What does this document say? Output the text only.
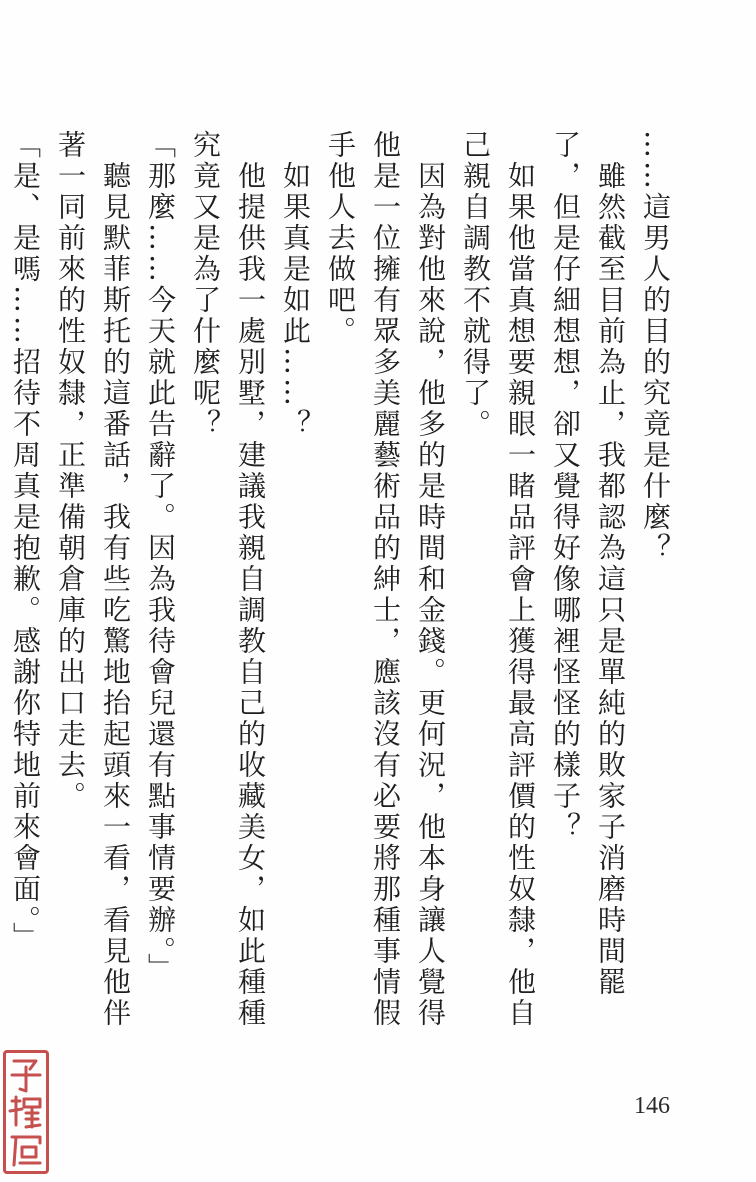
……這男人的目的究竟是什麼？

　雖然截至目前為止，我都認為這只是單純的敗家子消磨時間罷了，但是仔細想想，卻又覺得好像哪裡怪怪的樣子？

　如果他當真想要親眼一睹品評會上獲得最高評價的性奴隸，他自己親自調教不就得了。

　因為對他來說，他多的是時間和金錢。更何況，他本身讓人覺得他是一位擁有眾多美麗藝術品的紳士，應該沒有必要將那種事情假手他人去做吧。

　如果真是如此……？

　他提供我一處別墅，建議我親自調教自己的收藏美女，如此種種究竟又是為了什麼呢？

「那麼……今天就此告辭了。因為我待會兒還有點事情要辦。」

　聽見默菲斯托的這番話，我有些吃驚地抬起頭來一看，看見他伴著一同前來的性奴隸，正準備朝倉庫的出口走去。

「是、是嗎……招待不周真是抱歉。感謝你特地前來會面。」

146
